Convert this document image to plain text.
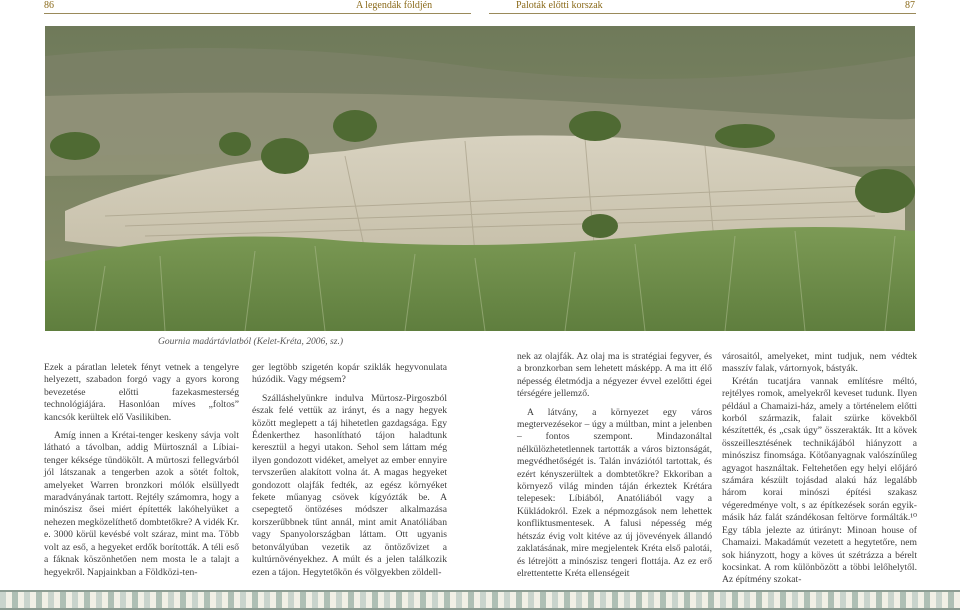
86	A legendák földjén	Paloták előtti korszak	87
Gournia madártávlatból (Kelet-Kréta, 2006, sz.)

Ezek a páratlan leletek fényt vetnek a tengelyre helyezett, szabadon forgó vagy a gyors korong bevezetése előtti fazekasmesterség technológiájára. Hasonlóan míves „foltos” kancsók kerültek elő Vasilikiben.

Amíg innen a Krétai-tenger keskeny sávja volt látható a távolban, addig Mürtosznál a Líbiai-tenger kéksége tündökölt. A mürtoszi fellegvárból jól látszanak a tengerben azok a sötét foltok, amelyeket Warren bronzkori mólók elsüllyedt maradványának tartott. Rejtély számomra, hogy a minószisz ősei miért építették lakóhelyüket a nehezen megközelíthető dombtetőkre? A vidék Kr. e. 3000 körül kevésbé volt száraz, mint ma. Több volt az eső, a hegyeket erdők borították. A téli eső a fáknak köszönhetően nem mosta le a talajt a hegyekről. Napjainkban a Földközi-ten-

ger legtöbb szigetén kopár sziklák hegyvonulata húzódik. Vagy mégsem?

Szálláshelyünkre indulva Mürtosz-Pirgoszból észak felé vettük az irányt, és a nagy hegyek között meglepett a táj hihetetlen gazdagsága. Egy Édenkerthez hasonlítható tájon haladtunk keresztül a hegyi utakon. Sehol sem láttam még ilyen gondozott vidéket, amelyet az ember ennyire tervszerűen alakított volna át. A magas hegyeket gondozott olajfák fedték, az egész környéket fekete műanyag csövek kígyózták be. A csepegtető öntözéses módszer alkalmazása korszerűbbnek tűnt annál, mint amit Anatóliában vagy Spanyolországban láttam. Ott ugyanis betonvályúban vezetik az öntözővizet a kultúrnövényekhez. A múlt és a jelen találkozik ezen a tájon. Hegytetőkön és völgyekben zöldell-

nek az olajfák. Az olaj ma is stratégiai fegyver, és a bronzkorban sem lehetett másképp. A ma itt élő népesség életmódja a négyezer évvel ezelőtti égei térségére jellemző.

A látvány, a környezet egy város megtervezésekor – úgy a múltban, mint a jelenben – fontos szempont. Mindazonáltal nélkülözhetetlennek tartották a város biztonságát, megvédhetőségét is. Talán inváziótól tartottak, és ezért kényszerültek a dombtetőkre? Ekkoriban a környező világ minden táján érkeztek Krétára telepesek: Líbiából, Anatóliából vagy a Kükládokról. Ezek a népmozgások nem lehettek konfliktusmentesek. A falusi népesség még hétszáz évig volt kitéve az új jövevények állandó zaklatásának, mire megjelentek Kréta első palotái, és létrejött a minószisz tengeri flottája. Az ez erő elrettentette Kréta ellenségeit

városaitól, amelyeket, mint tudjuk, nem védtek masszív falak, vártornyok, bástyák.

Krétán tucatjára vannak említésre méltó, rejtélyes romok, amelyekről keveset tudunk. Ilyen például a Chamaizi-ház, amely a történelem előtti korból származik, falait szürke kövekből készítették, és „csak úgy” összerakták. Itt a kövek összeillesztésének technikájából hiányzott a minószisz finomsága. Kötőanyagnak valószínűleg agyagot használtak. Feltehetően egy helyi előjáró számára készült tojásdad alakú ház legalább három korai minószi építési szakasz végeredménye volt, s az építkezések során egyik-másik ház falát szándékosan feltörve formálták.¹⁰ Egy tábla jelezte az útirányt: Minoan house of Chamaizi. Makadámút vezetett a hegytetőre, nem sok hiányzott, hogy a köves út szétrázza a bérelt kocsinkat. A rom különbözött a többi lelőhelytől. Az építmény szokat-
